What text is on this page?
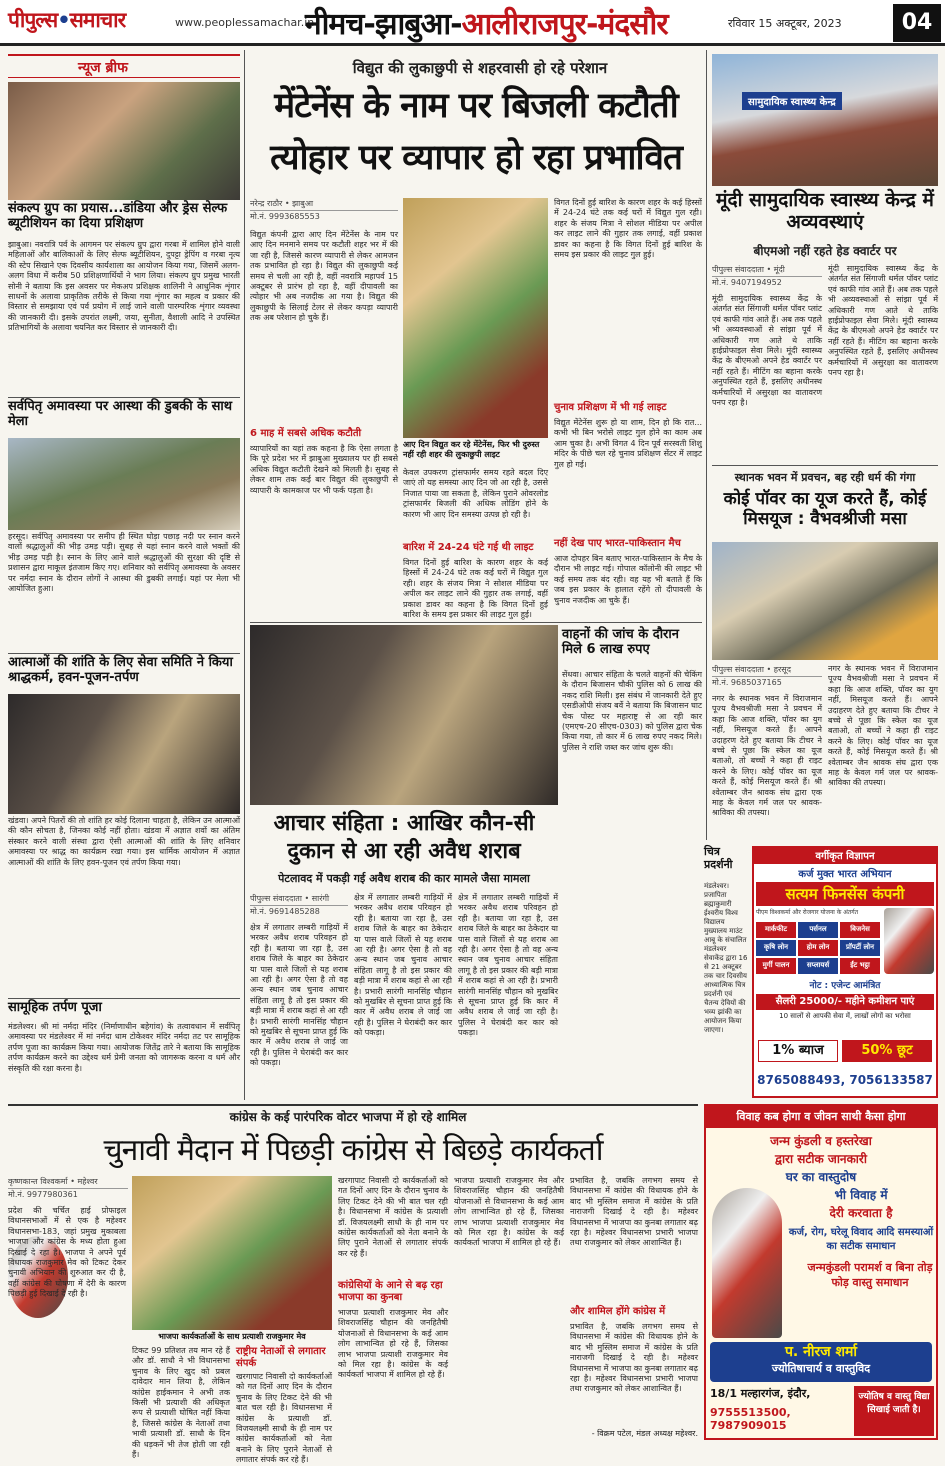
पीपुल्स•समाचार	www.peoplessamachar.in
नीमच-झाबुआ-आलीराजपुर-मंदसौर	रविवार 15 अक्टूबर, 2023	04
न्यूज ब्रीफ
संकल्प ग्रुप का प्रयास...डांडिया और ड्रेस सेल्फ ब्यूटीशियन का दिया प्रशिक्षण
झाबुआ। नवरात्रि पर्व के आगमन पर संकल्प ग्रुप द्वारा गरबा में शामिल होने वाली महिलाओं और बालिकाओं के लिए सेल्फ ब्यूटीशियन, दुपट्टा ड्रेपिंग व गरबा नृत्य की स्टेप सिखाने एक दिवसीय कार्यशाला का आयोजन किया गया, जिसमें अलग-अलग विधा में करीब 50 प्रशिक्षणार्थियों ने भाग लिया। संकल्प ग्रुप प्रमुख भारती सोनी ने बताया कि इस अवसर पर मेकअप प्रशिक्षक शालिनी ने आधुनिक शृंगार साधनों के अलावा प्राकृतिक तरीके से किया गया शृंगार का महत्व व प्रकार की विस्तार से समझाया एवं पर्व प्रयोग में लाई जाने वाली पारम्परिक शृंगार व्यवस्था की जानकारी दी। इसके उपरांत लक्ष्मी, जया, सुनीता, वैशाली आदि ने उपस्थित प्रतिभागियों के अलावा चयनित कर विस्तार से जानकारी दी।
सर्वपितृ अमावस्या पर आस्था की डुबकी के साथ मेला
हरसूद। सर्वपितृ अमावस्या पर समीप ही स्थित घोड़ा पछाड़ नदी पर स्नान करने वालों श्रद्धालुओं की भीड़ उमड़ पड़ी। सुबह से यहां स्नान करने वाले भक्तों की भीड़ उमड़ पड़ी है। स्नान के लिए आने वाले श्रद्धालुओं की सुरक्षा की दृष्टि से प्रशासन द्वारा माकूल इंतजाम किए गए। शनिवार को सर्वपितृ अमावस्या के अवसर पर नर्मदा स्नान के दौरान लोगों ने आस्था की डुबकी लगाई। यहां पर मेला भी आयोजित हुआ।
आत्माओं की शांति के लिए सेवा समिति ने किया श्राद्धकर्म, हवन-पूजन-तर्पण
खंडवा। अपने पितरों की तो शांति हर कोई दिलाना चाहता है, लेकिन उन आत्माओं की कौन सोचता है, जिनका कोई नहीं होता। खंडवा में अज्ञात शवों का अंतिम संस्कार करने वाली संस्था द्वारा ऐसी आत्माओं की शांति के लिए शनिवार अमावस्या पर श्राद्ध का कार्यक्रम रखा गया। इस धार्मिक आयोजन में अज्ञात आत्माओं की शांति के लिए हवन-पूजन एवं तर्पण किया गया।
सामूहिक तर्पण पूजा
मंडलेश्वर। श्री मां नर्मदा मंदिर (निर्माणाधीन बहेगांव) के तत्वावधान में सर्वपितृ अमावस्या पर मंडलेश्वर में मां नर्मदा धाम टोकेश्वर मंदिर नर्मदा तट पर सामूहिक तर्पण पूजा का कार्यक्रम किया गया। आयोजक जितेंद्र तारे ने बताया कि सामूहिक तर्पण कार्यक्रम करने का उद्देश्य धर्म प्रेमी जनता को जागरूक करना व धर्म और संस्कृति की रक्षा करना है।
विद्युत की लुकाछुपी से शहरवासी हो रहे परेशान
मेंटेनेंस के नाम पर बिजली कटौती
त्योहार पर व्यापार हो रहा प्रभावित
नरेन्द्र राठौर • झाबुआ
मो.नं. 9993685553
विद्युत कंपनी द्वारा आए दिन मेंटेनेंस के नाम पर आए दिन मनमाने समय पर कटौती शहर भर में की जा रही है, जिससे कारण व्यापारी से लेकर आमजन तक प्रभावित हो रहा है। विद्युत की लुकाछुपी कई समय से चली आ रही है, वहीं नवरात्रि महापर्व 15 अक्टूबर से प्रारंभ हो रहा है, वहीं दीपावली का त्योहार भी अब नजदीक आ गया है। विद्युत की लुकाछुपी के सिलाई टेलर से लेकर कपड़ा व्यापारी तक अब परेशान हो चुके हैं।
6 माह में सबसे अधिक कटौती
व्यापारियों का यहां तक कहना है कि ऐसा लगता है कि पूरे प्रदेश भर में झाबुआ मुख्यालय पर ही सबसे अधिक विद्युत कटौती देखने को मिलती है। सुबह से लेकर शाम तक कई बार विद्युत की लुकाछुपी से व्यापारी के कामकाज पर भी फर्क पड़ता है।
आए दिन विद्युत कर रहे मेंटेनेंस, फिर भी दुरुस्त नहीं रही शहर की लुकाछुपी लाइट
केवल उपकरण ट्रांसफार्मर समय रहते बदल दिए जाएं तो यह समस्या आए दिन जो आ रही है, उससे निजात पाया जा सकता है, लेकिन पुराने ओवरलोड ट्रांसफार्मर बिजली की अधिक लोडिंग होने के कारण भी आए दिन समस्या उत्पन्न हो रही है।
बारिश में 24-24 घंटे गई थी लाइट
विगत दिनों हुई बारिश के कारण शहर के कई हिस्सों में 24-24 घंटे तक कई घरों में विद्युत गुल रही। शहर के संजय मित्रा ने सोशल मीडिया पर अपील कर लाइट लाने की गुहार तक लगाई, वहीं प्रकाश डावर का कहना है कि विगत दिनों हुई बारिश के समय इस प्रकार की लाइट गुल हुई।
विगत दिनों हुई बारिश के कारण शहर के कई हिस्सों में 24-24 घंटे तक कई घरों में विद्युत गुल रही। शहर के संजय मित्रा ने सोशल मीडिया पर अपील कर लाइट लाने की गुहार तक लगाई, वहीं प्रकाश डावर का कहना है कि विगत दिनों हुई बारिश के समय इस प्रकार की लाइट गुल हुई।
चुनाव प्रशिक्षण में भी गई लाइट
विद्युत मेंटेनेंस शुरू हो या शाम, दिन हो कि रात... कभी भी बिन भरोसे लाइट गुल होने का काम अब आम चुका है। अभी विगत 4 दिन पूर्व सरस्वती शिशु मंदिर के पीछे चल रहे चुनाव प्रशिक्षण सेंटर में लाइट गुल हो गई।
नहीं देख पाए भारत-पाकिस्तान मैच
आज दोपहर बिन बताए भारत-पाकिस्तान के मैच के दौरान भी लाइट गई। गोपाल कॉलोनी की लाइट भी कई समय तक बंद रही। वह यह भी बताते हैं कि जब इस प्रकार के हालात रहेंगे तो दीपावली के चुनाव नजदीक आ चुके हैं।
सामुदायिक स्वास्थ्य केन्द्र
मूंदी सामुदायिक स्वास्थ्य केन्द्र में अव्यवस्थाएं
बीएमओ नहीं रहते हेड क्वार्टर पर
पीपुल्स संवाददाता • मूंदी
मो.नं. 9407194952
मूंदी सामुदायिक स्वास्थ्य केंद्र के अंतर्गत संत सिंगाजी थर्मल पॉवर प्लांट एवं काफी गांव आते हैं। अब तक पहले भी अव्यवस्थाओं से सांझा पूर्व में अधिकारी गण आते थे ताकि हाईप्रोफाइल सेवा मिले। मूंदी स्वास्थ्य केंद्र के बीएमओ अपने हेड क्वार्टर पर नहीं रहते हैं। मीटिंग का बहाना करके अनुपस्थित रहते हैं, इसलिए अधीनस्थ कर्मचारियों में असुरक्षा का वातावरण पनप रहा है।
मूंदी सामुदायिक स्वास्थ्य केंद्र के अंतर्गत संत सिंगाजी थर्मल पॉवर प्लांट एवं काफी गांव आते हैं। अब तक पहले भी अव्यवस्थाओं से सांझा पूर्व में अधिकारी गण आते थे ताकि हाईप्रोफाइल सेवा मिले। मूंदी स्वास्थ्य केंद्र के बीएमओ अपने हेड क्वार्टर पर नहीं रहते हैं। मीटिंग का बहाना करके अनुपस्थित रहते हैं, इसलिए अधीनस्थ कर्मचारियों में असुरक्षा का वातावरण पनप रहा है।
स्थानक भवन में प्रवचन, बह रही धर्म की गंगा
कोई पॉवर का यूज करते हैं, कोई मिसयूज : वैभवश्रीजी मसा
पीपुल्स संवाददाता • हरसूद
मो.नं. 9685037165
नगर के स्थानक भवन में विराजमान पूज्य वैभवश्रीजी मसा ने प्रवचन में कहा कि आज शक्ति, पॉवर का युग नहीं, मिसयूज करते हैं। आपने उदाहरण देते हुए बताया कि टीचर ने बच्चे से पूछा कि स्केल का यूज बताओ, तो बच्चों ने कहा ही राइट करने के लिए। कोई पॉवर का यूज करते हैं, कोई मिसयूज करते हैं। श्री श्वेताम्बर जैन श्रावक संघ द्वारा एक माह के केवल गर्म जल पर श्रावक-श्राविका की तपस्या।
नगर के स्थानक भवन में विराजमान पूज्य वैभवश्रीजी मसा ने प्रवचन में कहा कि आज शक्ति, पॉवर का युग नहीं, मिसयूज करते हैं। आपने उदाहरण देते हुए बताया कि टीचर ने बच्चे से पूछा कि स्केल का यूज बताओ, तो बच्चों ने कहा ही राइट करने के लिए। कोई पॉवर का यूज करते हैं, कोई मिसयूज करते हैं। श्री श्वेताम्बर जैन श्रावक संघ द्वारा एक माह के केवल गर्म जल पर श्रावक-श्राविका की तपस्या।
वाहनों की जांच के दौरान मिले 6 लाख रुपए
सेंधवा। आचार संहिता के चलते वाहनों की चेकिंग के दौरान बिजासन चौकी पुलिस को 6 लाख की नकद राशि मिली। इस संबंध में जानकारी देते हुए एसडीओपी संजय बर्वे ने बताया कि बिजासन घाट चेक पोस्ट पर महाराष्ट्र से आ रही कार (एमएच-20 सीएच-0303) को पुलिस द्वारा चेक किया गया, तो कार में 6 लाख रुपए नकद मिले। पुलिस ने राशि जब्त कर जांच शुरू की।
आचार संहिता : आखिर कौन-सी
दुकान से आ रही अवैध शराब
पेटलावद में पकड़ी गई अवैध शराब की कार मामले जैसा मामला
पीपुल्स संवाददाता • सारंगी
मो.नं. 9691485288
क्षेत्र में लगातार लम्बरी गाड़ियों में भरकर अवैध शराब परिवहन हो रही है। बताया जा रहा है, उस शराब जिले के बाहर का ठेकेदार या पास वाले जिलों से यह शराब आ रही है। अगर ऐसा है तो वह अन्य स्थान जब चुनाव आचार संहिता लागू है तो इस प्रकार की बड़ी मात्रा में शराब कहां से आ रही है। प्रभारी सारंगी मानसिंह चौहान को मुखबिर से सूचना प्राप्त हुई कि कार में अवैध शराब ले जाई जा रही है। पुलिस ने घेराबंदी कर कार को पकड़ा।
क्षेत्र में लगातार लम्बरी गाड़ियों में भरकर अवैध शराब परिवहन हो रही है। बताया जा रहा है, उस शराब जिले के बाहर का ठेकेदार या पास वाले जिलों से यह शराब आ रही है। अगर ऐसा है तो वह अन्य स्थान जब चुनाव आचार संहिता लागू है तो इस प्रकार की बड़ी मात्रा में शराब कहां से आ रही है। प्रभारी सारंगी मानसिंह चौहान को मुखबिर से सूचना प्राप्त हुई कि कार में अवैध शराब ले जाई जा रही है। पुलिस ने घेराबंदी कर कार को पकड़ा।
क्षेत्र में लगातार लम्बरी गाड़ियों में भरकर अवैध शराब परिवहन हो रही है। बताया जा रहा है, उस शराब जिले के बाहर का ठेकेदार या पास वाले जिलों से यह शराब आ रही है। अगर ऐसा है तो वह अन्य स्थान जब चुनाव आचार संहिता लागू है तो इस प्रकार की बड़ी मात्रा में शराब कहां से आ रही है। प्रभारी सारंगी मानसिंह चौहान को मुखबिर से सूचना प्राप्त हुई कि कार में अवैध शराब ले जाई जा रही है। पुलिस ने घेराबंदी कर कार को पकड़ा।
चित्र प्रदर्शनी
मंडलेश्वर। प्रजापिता ब्रह्माकुमारी ईश्वरीय विश्व विद्यालय मुख्यालय माउंट आबू के संचालित मंडलेश्वर सेवाकेंद्र द्वारा 16 से 21 अक्टूबर तक चार दिवसीय आध्यात्मिक चित्र प्रदर्शनी एवं चैतन्य देवियों की भव्य झांकी का आयोजन किया जाएगा।
वर्गीकृत विज्ञापन
कर्ज मुक्त भारत अभियान
सत्यम फिनसेंस कंपनी
पीएम विश्वकर्मा और रोजगार योजना के अंतर्गत
मार्कफीट	पर्सनल	बिजनेस
कृषि लोन	होम लोन	प्रॉपर्टी लोन
मुर्गी पालन	सप्लायर्स	ईंट भट्ठा
नोट : एजेन्ट आमंत्रित
सैलरी 25000/- महीने कमीशन पाएं
10 सालों से आपकी सेवा में, लाखों लोगों का भरोसा
1% ब्याज	50% छूट
8765088493, 7056133587
कांग्रेस के कई पारंपरिक वोटर भाजपा में हो रहे शामिल
चुनावी मैदान में पिछड़ी कांग्रेस से बिछड़े कार्यकर्ता
कृष्णकान्त विश्वकर्मा • महेश्वर
मो.नं. 9977980361
प्रदेश की चर्चित हाई प्रोफाइल विधानसभाओं में से एक है महेश्वर विधानसभा-183, जहां प्रमुख मुकाबला भाजपा और कांग्रेस के मध्य होता हुआ दिखाई दे रहा है। भाजपा ने अपने पूर्व विधायक राजकुमार मेव को टिकट देकर चुनावी अभियान की शुरुआत कर दी है, वहीं कांग्रेस की घोषणा में देरी के कारण पिछड़ी हुई दिखाई दे रही है।
भाजपा कार्यकर्ताओं के साथ प्रत्याशी राजकुमार मेव
टिकट 99 प्रतिशत तय मान रहे हैं और डॉ. साधौ ने भी विधानसभा चुनाव के लिए खुद को प्रबल दावेदार मान लिया है, लेकिन कांग्रेस हाईकमान ने अभी तक किसी भी प्रत्याशी की अधिकृत रूप से प्रत्याशी घोषित नहीं किया है, जिससे कांग्रेस के नेताओं तथा भावी प्रत्याशी डॉ. साधौ के दिन की धड़कनें भी तेज होती जा रही हैं।
राष्ट्रीय नेताओं से लगातार संपर्क
खरगापाट निवासी दो कार्यकर्ताओं को गत दिनों आए दिन के दौरान चुनाव के लिए टिकट देने की भी बात चल रही है। विधानसभा में कांग्रेस के प्रत्याशी डॉ. विजयलक्ष्मी साधौ के ही नाम पर कांग्रेस कार्यकर्ताओं को नेता बनाने के लिए पुराने नेताओं से लगातार संपर्क कर रहे हैं।
खरगापाट निवासी दो कार्यकर्ताओं को गत दिनों आए दिन के दौरान चुनाव के लिए टिकट देने की भी बात चल रही है। विधानसभा में कांग्रेस के प्रत्याशी डॉ. विजयलक्ष्मी साधौ के ही नाम पर कांग्रेस कार्यकर्ताओं को नेता बनाने के लिए पुराने नेताओं से लगातार संपर्क कर रहे हैं।
कांग्रेसियों के आने से बढ़ रहा भाजपा का कुनबा
भाजपा प्रत्याशी राजकुमार मेव और शिवराजसिंह चौहान की जनहितैषी योजनाओं से विधानसभा के कई आम लोग लाभान्वित हो रहे हैं, जिसका लाभ भाजपा प्रत्याशी राजकुमार मेव को मिल रहा है। कांग्रेस के कई कार्यकर्ता भाजपा में शामिल हो रहे हैं।
भाजपा प्रत्याशी राजकुमार मेव और शिवराजसिंह चौहान की जनहितैषी योजनाओं से विधानसभा के कई आम लोग लाभान्वित हो रहे हैं, जिसका लाभ भाजपा प्रत्याशी राजकुमार मेव को मिल रहा है। कांग्रेस के कई कार्यकर्ता भाजपा में शामिल हो रहे हैं।
प्रभावित है, जबकि लगभग समय से विधानसभा में कांग्रेस की विधायक होने के बाद भी मुस्लिम समाज में कांग्रेस के प्रति नाराजगी दिखाई दे रही है। महेश्वर विधानसभा में भाजपा का कुनबा लगातार बढ़ रहा है। महेश्वर विधानसभा प्रभारी भाजपा तथा राजकुमार को लेकर आशान्वित हैं।
और शामिल होंगे कांग्रेस में
प्रभावित है, जबकि लगभग समय से विधानसभा में कांग्रेस की विधायक होने के बाद भी मुस्लिम समाज में कांग्रेस के प्रति नाराजगी दिखाई दे रही है। महेश्वर विधानसभा में भाजपा का कुनबा लगातार बढ़ रहा है। महेश्वर विधानसभा प्रभारी भाजपा तथा राजकुमार को लेकर आशान्वित हैं।
- विक्रम पटेल, मंडल अध्यक्ष महेश्वर.
विवाह कब होगा व जीवन साथी कैसा होगा
जन्म कुंडली व हस्तरेखा
द्वारा सटीक जानकारी
घर का वास्तुदोष
भी विवाह में
देरी करवाता है
कर्ज, रोग, घरेलू विवाद आदि समस्याओं का सटीक समाधान
जन्मकुंडली परामर्श व बिना तोड़ फोड़ वास्तु समाधान
प. नीरज शर्मा
ज्योतिषाचार्य व वास्तुविद
18/1 मल्हारगंज, इंदौर,
9755513500, 7987909015
ज्योतिष व वास्तु विद्या सिखाई जाती है।
